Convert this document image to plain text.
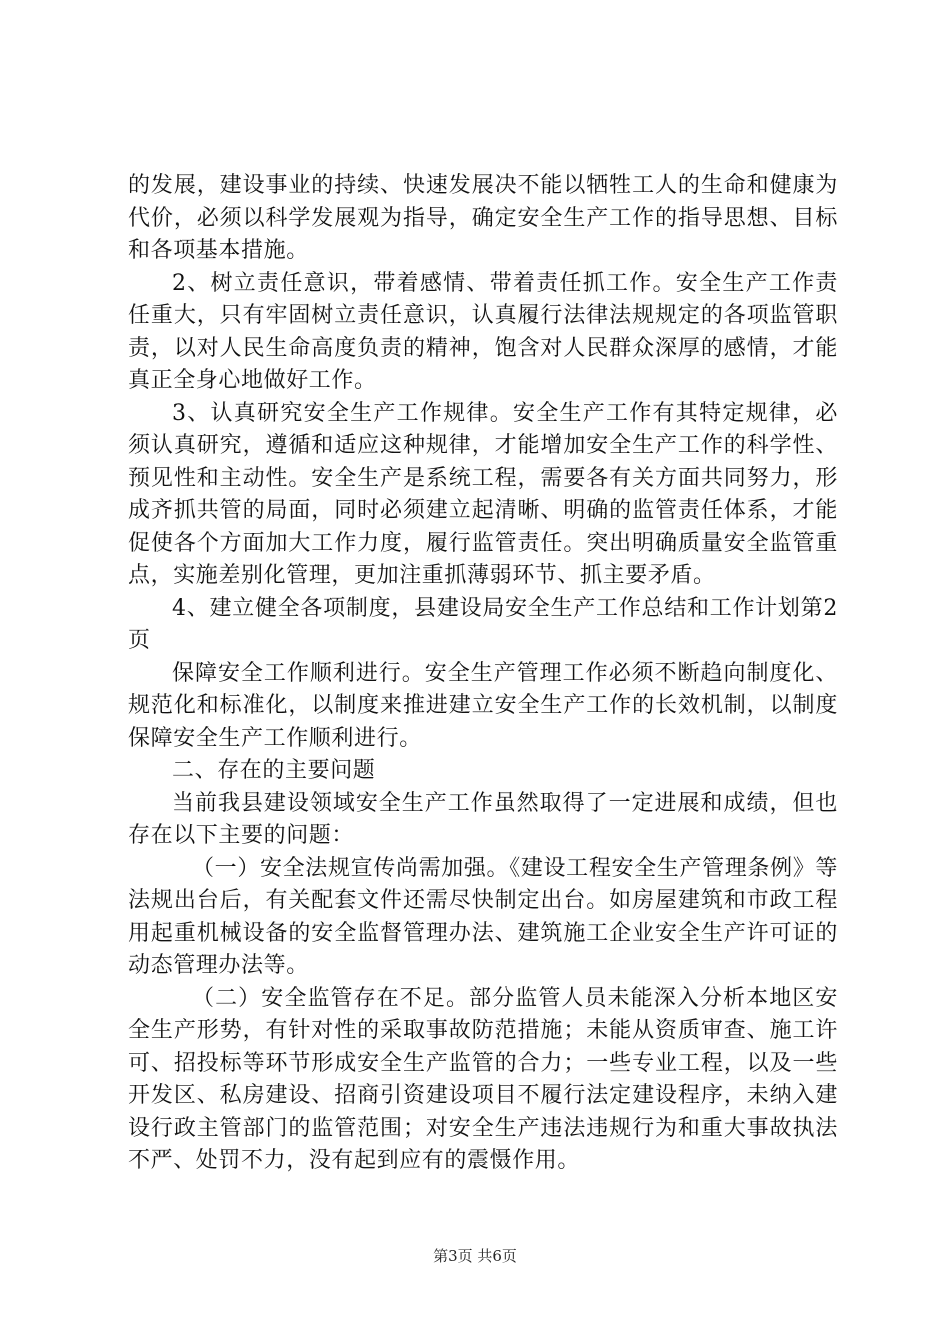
的发展，建设事业的持续、快速发展决不能以牺牲工人的生命和健康为代价，必须以科学发展观为指导，确定安全生产工作的指导思想、目标和各项基本措施。

2、树立责任意识，带着感情、带着责任抓工作。安全生产工作责任重大，只有牢固树立责任意识，认真履行法律法规规定的各项监管职责，以对人民生命高度负责的精神，饱含对人民群众深厚的感情，才能真正全身心地做好工作。

3、认真研究安全生产工作规律。安全生产工作有其特定规律，必须认真研究，遵循和适应这种规律，才能增加安全生产工作的科学性、预见性和主动性。安全生产是系统工程，需要各有关方面共同努力，形成齐抓共管的局面，同时必须建立起清晰、明确的监管责任体系，才能促使各个方面加大工作力度，履行监管责任。突出明确质量安全监管重点，实施差别化管理，更加注重抓薄弱环节、抓主要矛盾。

4、建立健全各项制度，县建设局安全生产工作总结和工作计划第2页

保障安全工作顺利进行。安全生产管理工作必须不断趋向制度化、规范化和标准化，以制度来推进建立安全生产工作的长效机制，以制度保障安全生产工作顺利进行。

二、存在的主要问题

当前我县建设领域安全生产工作虽然取得了一定进展和成绩，但也存在以下主要的问题：

（一）安全法规宣传尚需加强。《建设工程安全生产管理条例》等法规出台后，有关配套文件还需尽快制定出台。如房屋建筑和市政工程用起重机械设备的安全监督管理办法、建筑施工企业安全生产许可证的动态管理办法等。

（二）安全监管存在不足。部分监管人员未能深入分析本地区安全生产形势，有针对性的采取事故防范措施；未能从资质审查、施工许可、招投标等环节形成安全生产监管的合力；一些专业工程，以及一些开发区、私房建设、招商引资建设项目不履行法定建设程序，未纳入建设行政主管部门的监管范围；对安全生产违法违规行为和重大事故执法不严、处罚不力，没有起到应有的震慑作用。

第3页 共6页
